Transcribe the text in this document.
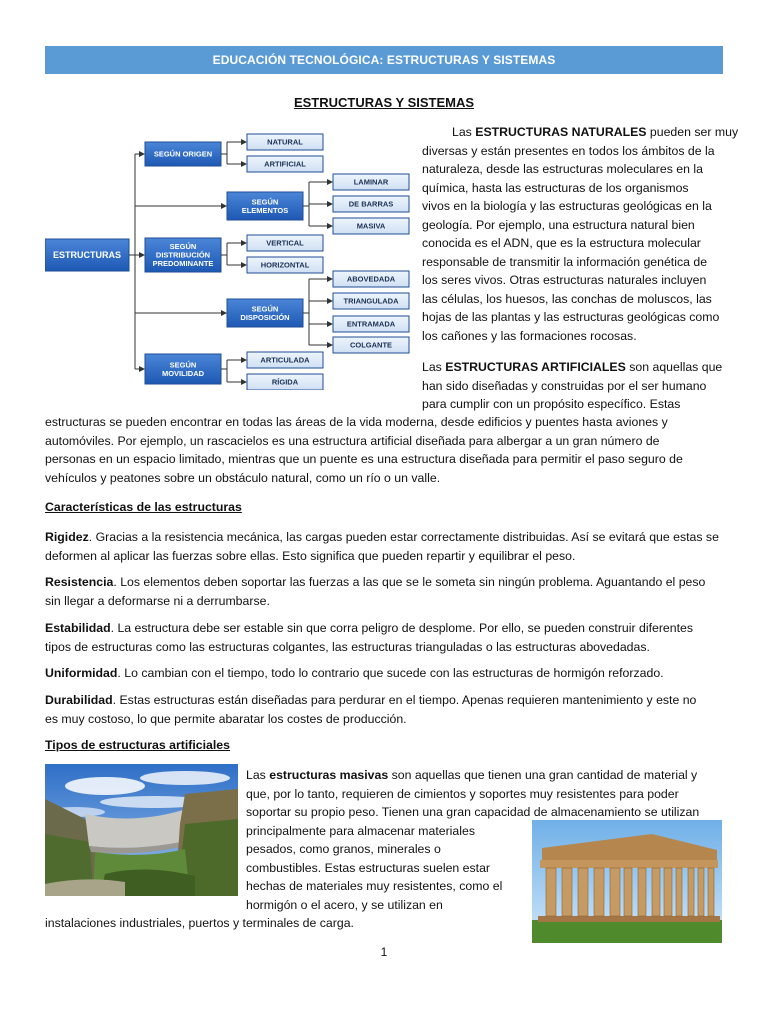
EDUCACIÓN TECNOLÓGICA: ESTRUCTURAS Y SISTEMAS
ESTRUCTURAS Y SISTEMAS
ESTRUCTURAS
SEGÚN ORIGEN
NATURAL
ARTIFICIAL
SEGÚN ELEMENTOS
LAMINAR
DE BARRAS
MASIVA
SEGÚN DISTRIBUCIÓN PREDOMINANTE
VERTICAL
HORIZONTAL
SEGÚN DISPOSICIÓN
ABOVEDADA
TRIANGULADA
ENTRAMADA
COLGANTE
SEGÚN MOVILIDAD
ARTICULADA
RÍGIDA
Las ESTRUCTURAS NATURALES pueden ser muy
diversas y están presentes en todos los ámbitos de la
naturaleza, desde las estructuras moleculares en la
química, hasta las estructuras de los organismos
vivos en la biología y las estructuras geológicas en la
geología. Por ejemplo, una estructura natural bien
conocida es el ADN, que es la estructura molecular
responsable de transmitir la información genética de
los seres vivos. Otras estructuras naturales incluyen
las células, los huesos, las conchas de moluscos, las
hojas de las plantas y las estructuras geológicas como
los cañones y las formaciones rocosas.
Las ESTRUCTURAS ARTIFICIALES son aquellas que
han sido diseñadas y construidas por el ser humano
para cumplir con un propósito específico. Estas
estructuras se pueden encontrar en todas las áreas de la vida moderna, desde edificios y puentes hasta aviones y
automóviles. Por ejemplo, un rascacielos es una estructura artificial diseñada para albergar a un gran número de
personas en un espacio limitado, mientras que un puente es una estructura diseñada para permitir el paso seguro de
vehículos y peatones sobre un obstáculo natural, como un río o un valle.
Características de las estructuras
Rigidez. Gracias a la resistencia mecánica, las cargas pueden estar correctamente distribuidas. Así se evitará que estas se
deformen al aplicar las fuerzas sobre ellas. Esto significa que pueden repartir y equilibrar el peso.
Resistencia. Los elementos deben soportar las fuerzas a las que se le someta sin ningún problema. Aguantando el peso
sin llegar a deformarse ni a derrumbarse.
Estabilidad. La estructura debe ser estable sin que corra peligro de desplome. Por ello, se pueden construir diferentes
tipos de estructuras como las estructuras colgantes, las estructuras trianguladas o las estructuras abovedadas.
Uniformidad. Lo cambian con el tiempo, todo lo contrario que sucede con las estructuras de hormigón reforzado.
Durabilidad. Estas estructuras están diseñadas para perdurar en el tiempo. Apenas requieren mantenimiento y este no
es muy costoso, lo que permite abaratar los costes de producción.
Tipos de estructuras artificiales
Las estructuras masivas son aquellas que tienen una gran cantidad de material y
que, por lo tanto, requieren de cimientos y soportes muy resistentes para poder
soportar su propio peso. Tienen una gran capacidad de almacenamiento se utilizan
principalmente para almacenar materiales
pesados, como granos, minerales o
combustibles. Estas estructuras suelen estar
hechas de materiales muy resistentes, como el
hormigón o el acero, y se utilizan en
instalaciones industriales, puertos y terminales de carga.
1
